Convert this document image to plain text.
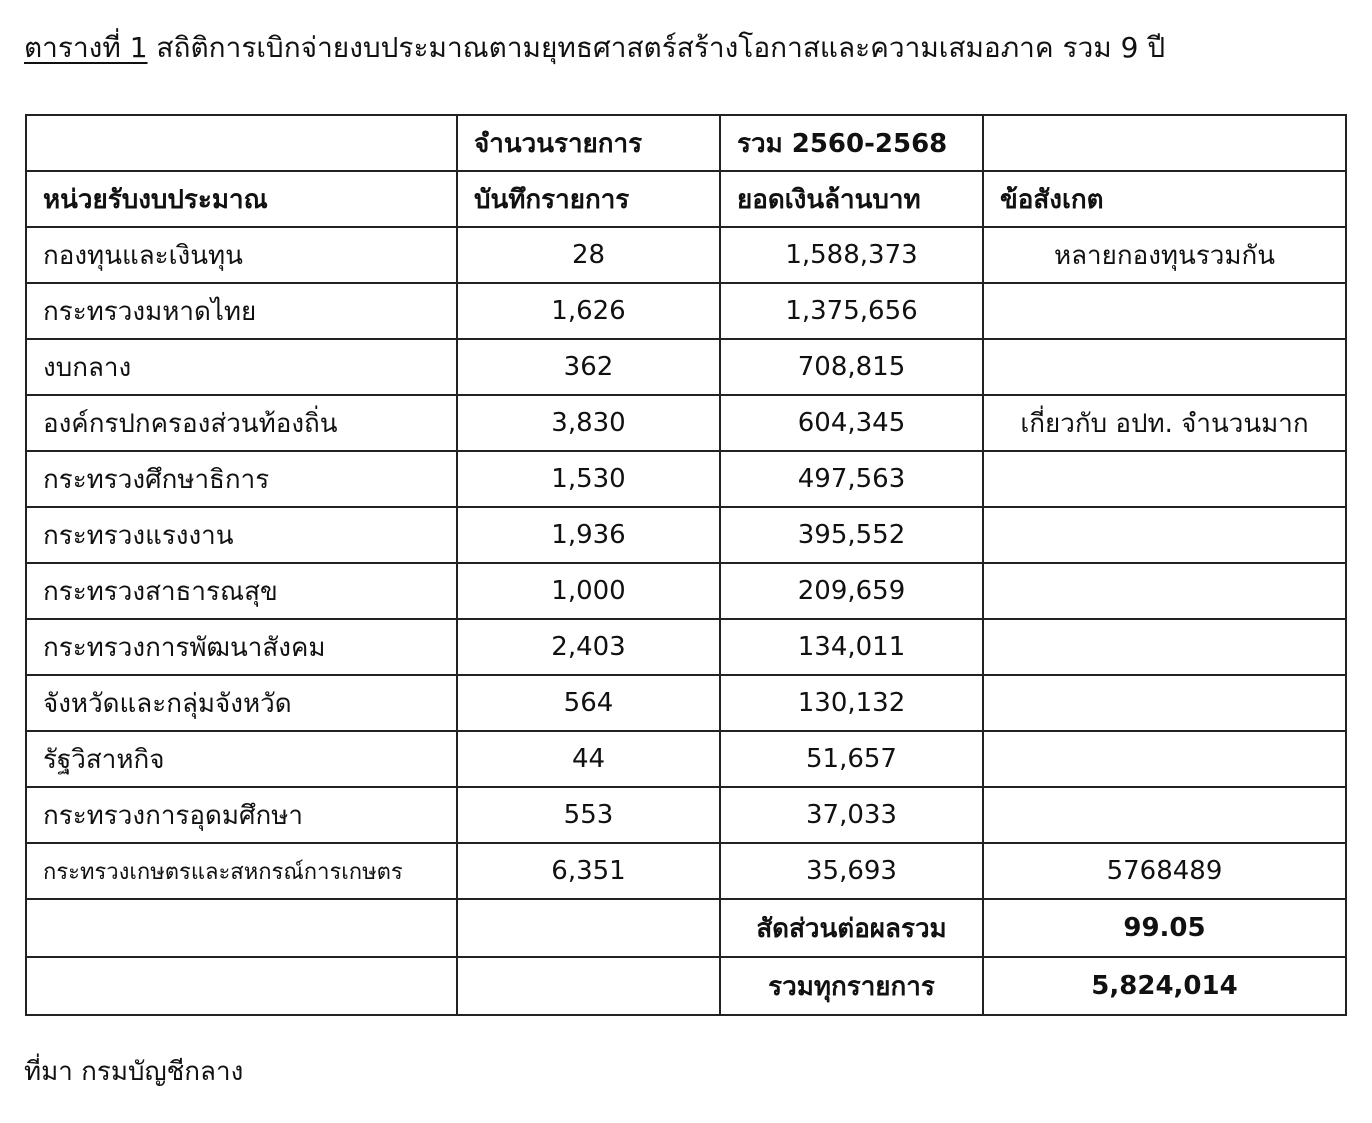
ตารางที่ 1 สถิติการเบิกจ่ายงบประมาณตามยุทธศาสตร์สร้างโอกาสและความเสมอภาค รวม 9 ปี
	จำนวนรายการ	รวม 2560-2568	
หน่วยรับงบประมาณ	บันทึกรายการ	ยอดเงินล้านบาท	ข้อสังเกต
กองทุนและเงินทุน	28	1,588,373	หลายกองทุนรวมกัน
กระทรวงมหาดไทย	1,626	1,375,656	
งบกลาง	362	708,815	
องค์กรปกครองส่วนท้องถิ่น	3,830	604,345	เกี่ยวกับ อปท. จำนวนมาก
กระทรวงศึกษาธิการ	1,530	497,563	
กระทรวงแรงงาน	1,936	395,552	
กระทรวงสาธารณสุข	1,000	209,659	
กระทรวงการพัฒนาสังคม	2,403	134,011	
จังหวัดและกลุ่มจังหวัด	564	130,132	
รัฐวิสาหกิจ	44	51,657	
กระทรวงการอุดมศึกษา	553	37,033	
กระทรวงเกษตรและสหกรณ์การเกษตร	6,351	35,693	5768489
		สัดส่วนต่อผลรวม	99.05
		รวมทุกรายการ	5,824,014
ที่มา กรมบัญชีกลาง
